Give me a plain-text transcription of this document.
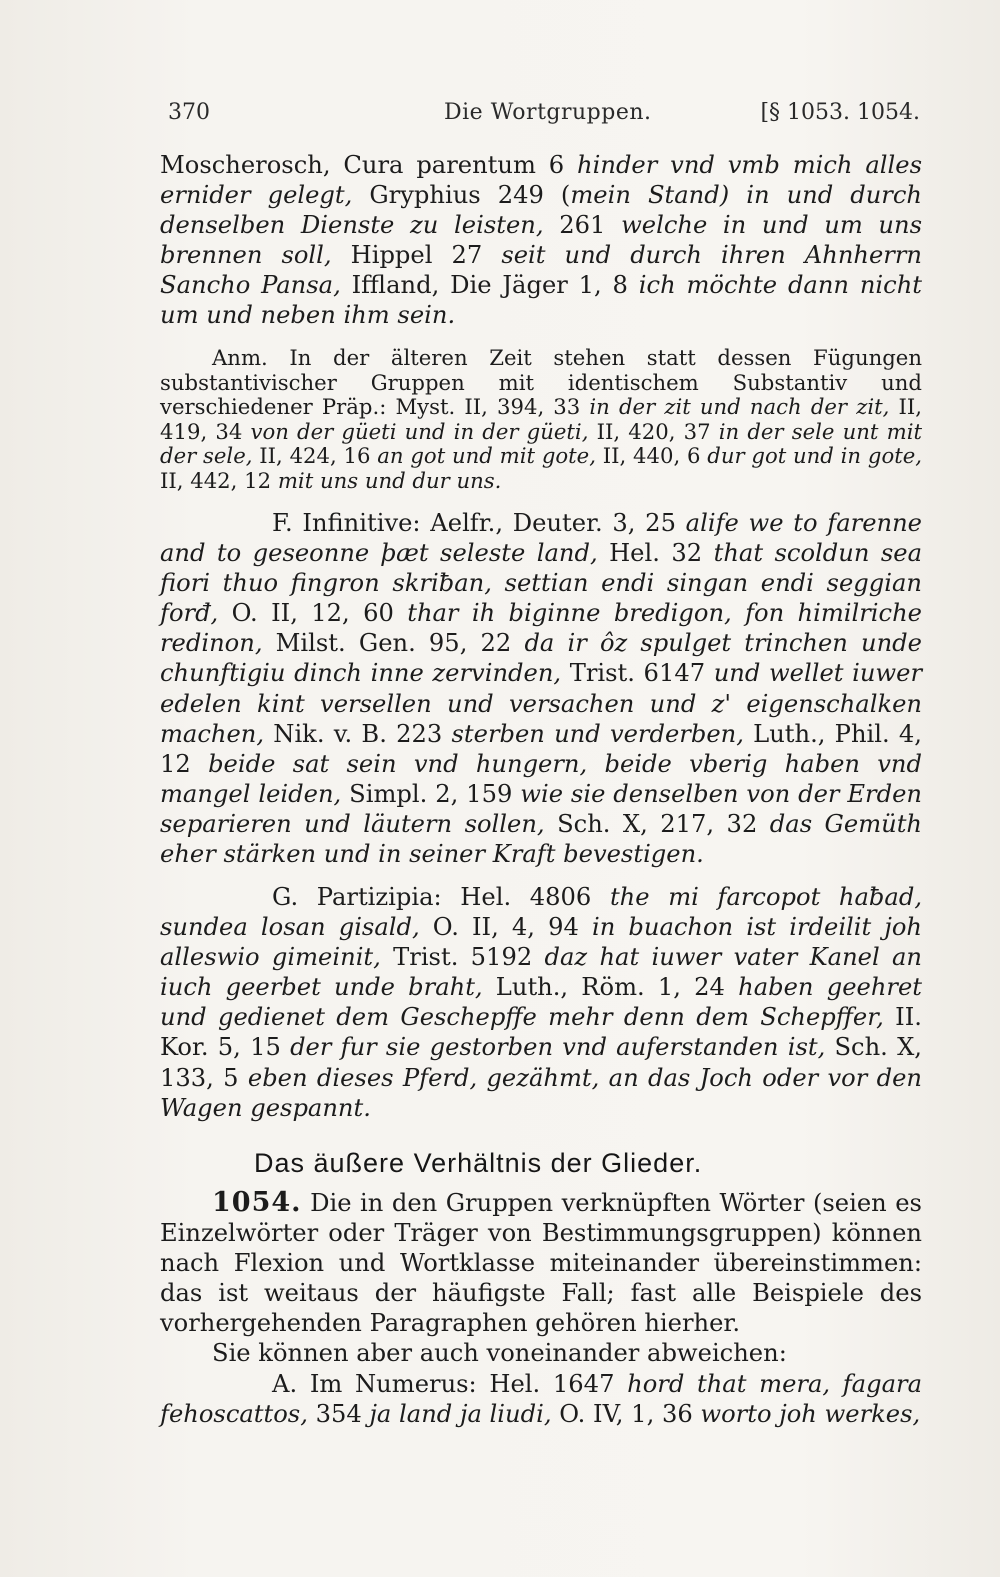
370	Die Wortgruppen.	[§ 1053. 1054.

Moscherosch, Cura parentum 6 hinder vnd vmb mich alles ernider gelegt, Gryphius 249 (mein Stand) in und durch denselben Dienste zu leisten, 261 welche in und um uns brennen soll, Hippel 27 seit und durch ihren Ahnherrn Sancho Pansa, Iffland, Die Jäger 1, 8 ich möchte dann nicht um und neben ihm sein.

Anm. In der älteren Zeit stehen statt dessen Fügungen substantivischer Gruppen mit identischem Substantiv und verschiedener Präp.: Myst. II, 394, 33 in der zit und nach der zit, II, 419, 34 von der güeti und in der güeti, II, 420, 37 in der sele unt mit der sele, II, 424, 16 an got und mit gote, II, 440, 6 dur got und in gote, II, 442, 12 mit uns und dur uns.

F. Infinitive: Aelfr., Deuter. 3, 25 alife we to farenne and to geseonne þæt seleste land, Hel. 32 that scoldun sea fiori thuo fingron skriƀan, settian endi singan endi seggian forđ, O. II, 12, 60 thar ih biginne bredigon, fon himilriche redinon, Milst. Gen. 95, 22 da ir ôz spulget trinchen unde chunftigiu dinch inne zervinden, Trist. 6147 und wellet iuwer edelen kint versellen und versachen und z' eigenschalken machen, Nik. v. B. 223 sterben und verderben, Luth., Phil. 4, 12 beide sat sein vnd hungern, beide vberig haben vnd mangel leiden, Simpl. 2, 159 wie sie denselben von der Erden separieren und läutern sollen, Sch. X, 217, 32 das Gemüth eher stärken und in seiner Kraft bevestigen.

G. Partizipia: Hel. 4806 the mi farcopot haƀad, sundea losan gisald, O. II, 4, 94 in buachon ist irdeilit joh alleswio gimeinit, Trist. 5192 daz hat iuwer vater Kanel an iuch geerbet unde braht, Luth., Röm. 1, 24 haben geehret und gedienet dem Geschepffe mehr denn dem Schepffer, II. Kor. 5, 15 der fur sie gestorben vnd auferstanden ist, Sch. X, 133, 5 eben dieses Pferd, gezähmt, an das Joch oder vor den Wagen gespannt.

Das äußere Verhältnis der Glieder.

1054. Die in den Gruppen verknüpften Wörter (seien es Einzelwörter oder Träger von Bestimmungsgruppen) können nach Flexion und Wortklasse miteinander übereinstimmen: das ist weitaus der häufigste Fall; fast alle Beispiele des vorhergehenden Paragraphen gehören hierher.

Sie können aber auch voneinander abweichen:

A. Im Numerus: Hel. 1647 hord that mera, fagara fehoscattos, 354 ja land ja liudi, O. IV, 1, 36 worto joh werkes,
